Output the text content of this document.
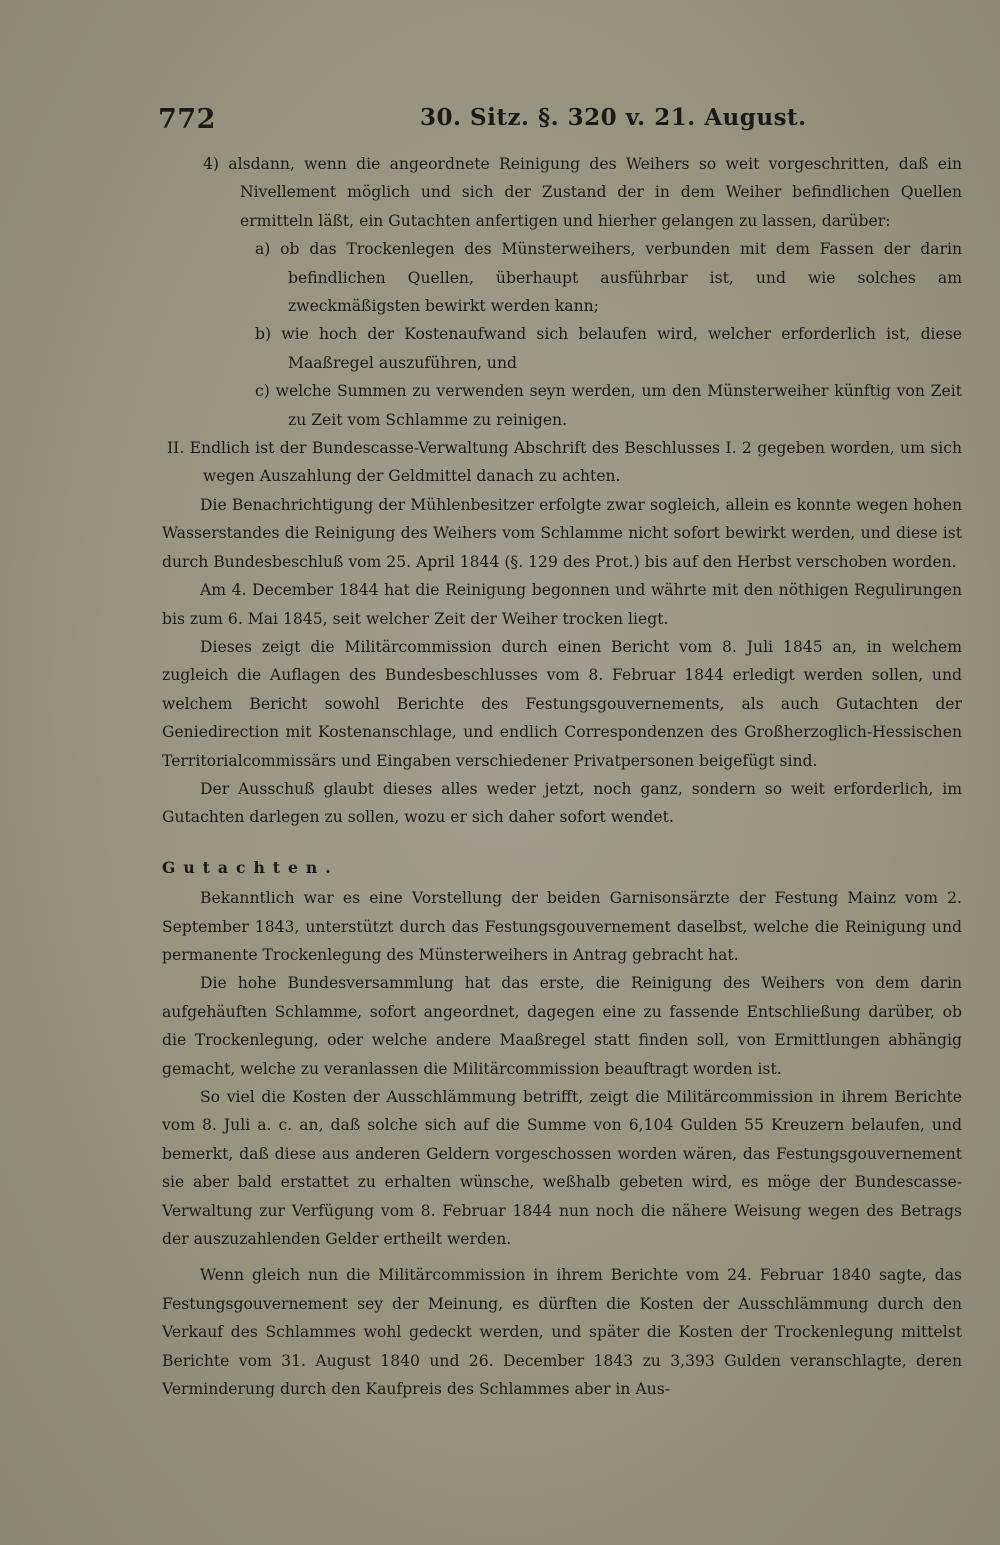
772	30. Sitz. §. 320 v. 21. August.

4) alsdann, wenn die angeordnete Reinigung des Weihers so weit vorgeschritten, daß ein Nivellement möglich und sich der Zustand der in dem Weiher befindlichen Quellen ermitteln läßt, ein Gutachten anfertigen und hierher gelangen zu lassen, darüber:

a) ob das Trockenlegen des Münsterweihers, verbunden mit dem Fassen der darin befindlichen Quellen, überhaupt ausführbar ist, und wie solches am zweckmäßigsten bewirkt werden kann;

b) wie hoch der Kostenaufwand sich belaufen wird, welcher erforderlich ist, diese Maaßregel auszuführen, und

c) welche Summen zu verwenden seyn werden, um den Münsterweiher künftig von Zeit zu Zeit vom Schlamme zu reinigen.

II. Endlich ist der Bundescasse-Verwaltung Abschrift des Beschlusses I. 2 gegeben worden, um sich wegen Auszahlung der Geldmittel danach zu achten.

Die Benachrichtigung der Mühlenbesitzer erfolgte zwar sogleich, allein es konnte wegen hohen Wasserstandes die Reinigung des Weihers vom Schlamme nicht sofort bewirkt werden, und diese ist durch Bundesbeschluß vom 25. April 1844 (§. 129 des Prot.) bis auf den Herbst verschoben worden.

Am 4. December 1844 hat die Reinigung begonnen und währte mit den nöthigen Regulirungen bis zum 6. Mai 1845, seit welcher Zeit der Weiher trocken liegt.

Dieses zeigt die Militärcommission durch einen Bericht vom 8. Juli 1845 an, in welchem zugleich die Auflagen des Bundesbeschlusses vom 8. Februar 1844 erledigt werden sollen, und welchem Bericht sowohl Berichte des Festungsgouvernements, als auch Gutachten der Geniedirection mit Kostenanschlage, und endlich Correspondenzen des Großherzoglich-Hessischen Territorialcommissärs und Eingaben verschiedener Privatpersonen beigefügt sind.

Der Ausschuß glaubt dieses alles weder jetzt, noch ganz, sondern so weit erforderlich, im Gutachten darlegen zu sollen, wozu er sich daher sofort wendet.

Gutachten.

Bekanntlich war es eine Vorstellung der beiden Garnisonsärzte der Festung Mainz vom 2. September 1843, unterstützt durch das Festungsgouvernement daselbst, welche die Reinigung und permanente Trockenlegung des Münsterweihers in Antrag gebracht hat.

Die hohe Bundesversammlung hat das erste, die Reinigung des Weihers von dem darin aufgehäuften Schlamme, sofort angeordnet, dagegen eine zu fassende Entschließung darüber, ob die Trockenlegung, oder welche andere Maaßregel statt finden soll, von Ermittlungen abhängig gemacht, welche zu veranlassen die Militärcommission beauftragt worden ist.

So viel die Kosten der Ausschlämmung betrifft, zeigt die Militärcommission in ihrem Berichte vom 8. Juli a. c. an, daß solche sich auf die Summe von 6,104 Gulden 55 Kreuzern belaufen, und bemerkt, daß diese aus anderen Geldern vorgeschossen worden wären, das Festungsgouvernement sie aber bald erstattet zu erhalten wünsche, weßhalb gebeten wird, es möge der Bundescasse-Verwaltung zur Verfügung vom 8. Februar 1844 nun noch die nähere Weisung wegen des Betrags der auszuzahlenden Gelder ertheilt werden.

Wenn gleich nun die Militärcommission in ihrem Berichte vom 24. Februar 1840 sagte, das Festungsgouvernement sey der Meinung, es dürften die Kosten der Ausschlämmung durch den Verkauf des Schlammes wohl gedeckt werden, und später die Kosten der Trockenlegung mittelst Berichte vom 31. August 1840 und 26. December 1843 zu 3,393 Gulden veranschlagte, deren Verminderung durch den Kaufpreis des Schlammes aber in Aus-
